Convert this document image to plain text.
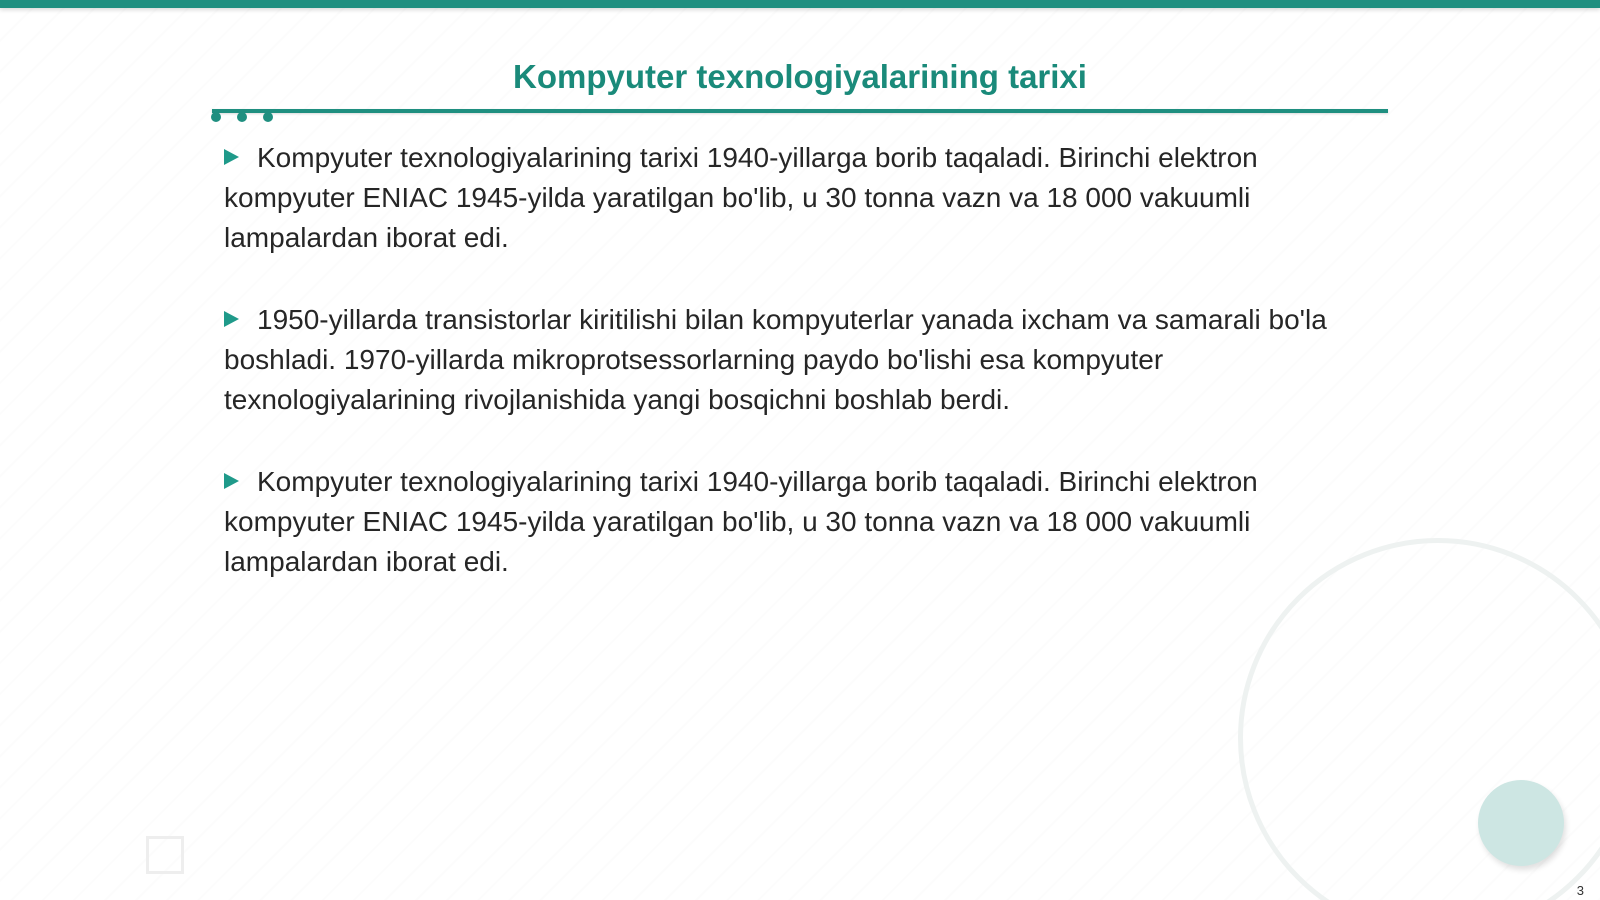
Kompyuter texnologiyalarining tarixi
Kompyuter texnologiyalarining tarixi 1940-yillarga borib taqaladi. Birinchi elektron kompyuter ENIAC 1945-yilda yaratilgan bo'lib, u 30 tonna vazn va 18 000 vakuumli lampalardan iborat edi.
1950-yillarda transistorlar kiritilishi bilan kompyuterlar yanada ixcham va samarali bo'la boshladi. 1970-yillarda mikroprotsessorlarning paydo bo'lishi esa kompyuter texnologiyalarining rivojlanishida yangi bosqichni boshlab berdi.
Kompyuter texnologiyalarining tarixi 1940-yillarga borib taqaladi. Birinchi elektron kompyuter ENIAC 1945-yilda yaratilgan bo'lib, u 30 tonna vazn va 18 000 vakuumli lampalardan iborat edi.
3
